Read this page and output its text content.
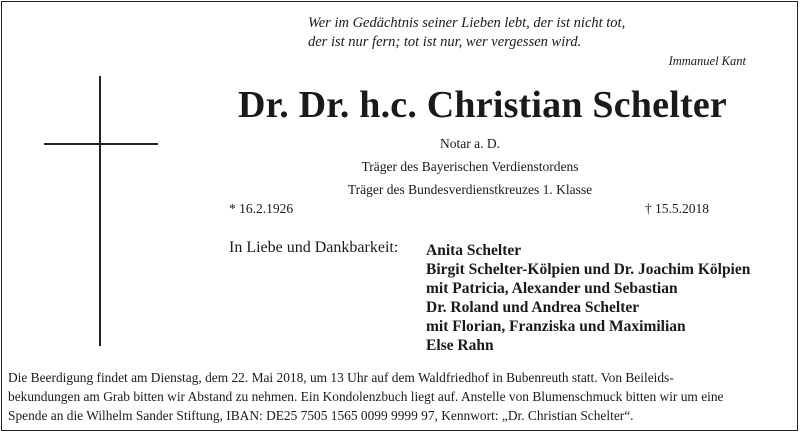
Wer im Gedächtnis seiner Lieben lebt, der ist nicht tot,
der ist nur fern; tot ist nur, wer vergessen wird.
Immanuel Kant
Dr. Dr. h.c. Christian Schelter
Notar a. D.
Träger des Bayerischen Verdienstordens
Träger des Bundesverdienstkreuzes 1. Klasse
* 16.2.1926	† 15.5.2018
In Liebe und Dankbarkeit: Anita Schelter
Birgit Schelter-Kölpien und Dr. Joachim Kölpien
mit Patricia, Alexander und Sebastian
Dr. Roland und Andrea Schelter
mit Florian, Franziska und Maximilian
Else Rahn
Die Beerdigung findet am Dienstag, dem 22. Mai 2018, um 13 Uhr auf dem Waldfriedhof in Bubenreuth statt. Von Beileids-
bekundungen am Grab bitten wir Abstand zu nehmen. Ein Kondolenzbuch liegt auf. Anstelle von Blumenschmuck bitten wir um eine
Spende an die Wilhelm Sander Stiftung, IBAN: DE25 7505 1565 0099 9999 97, Kennwort: „Dr. Christian Schelter“.
